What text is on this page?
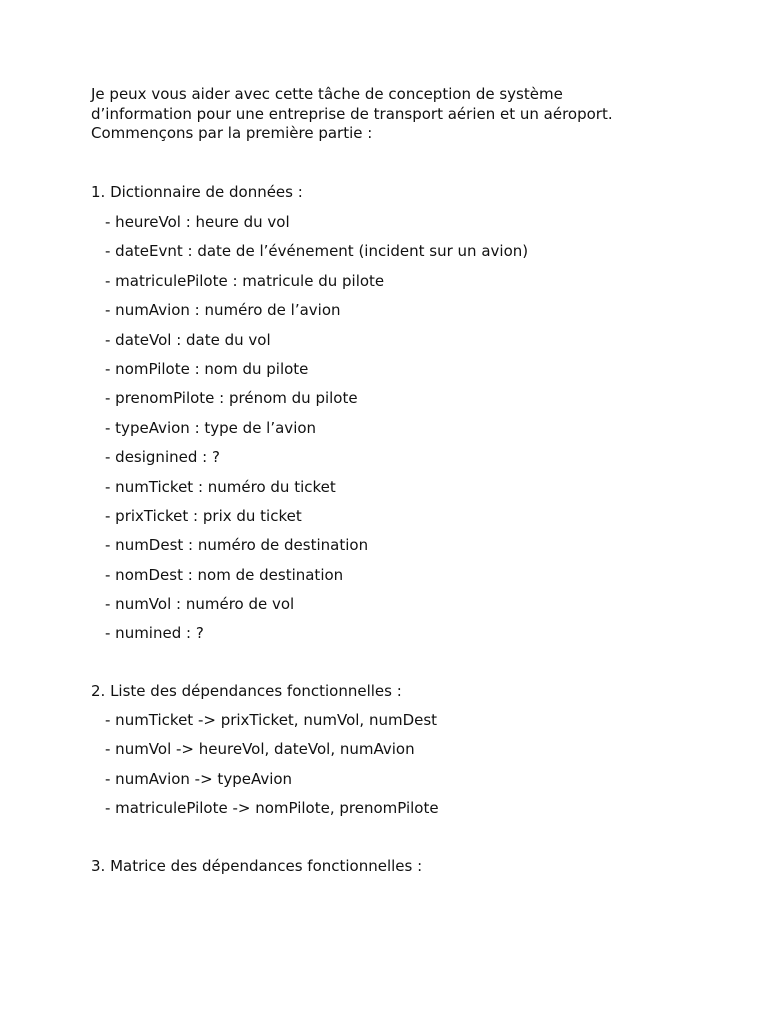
Je peux vous aider avec cette tâche de conception de système
d’information pour une entreprise de transport aérien et un aéroport.
Commençons par la première partie :

1. Dictionnaire de données :
- heureVol : heure du vol
- dateEvnt : date de l’événement (incident sur un avion)
- matriculePilote : matricule du pilote
- numAvion : numéro de l’avion
- dateVol : date du vol
- nomPilote : nom du pilote
- prenomPilote : prénom du pilote
- typeAvion : type de l’avion
- designined : ?
- numTicket : numéro du ticket
- prixTicket : prix du ticket
- numDest : numéro de destination
- nomDest : nom de destination
- numVol : numéro de vol
- numined : ?
2. Liste des dépendances fonctionnelles :
- numTicket -> prixTicket, numVol, numDest
- numVol -> heureVol, dateVol, numAvion
- numAvion -> typeAvion
- matriculePilote -> nomPilote, prenomPilote
3. Matrice des dépendances fonctionnelles :
